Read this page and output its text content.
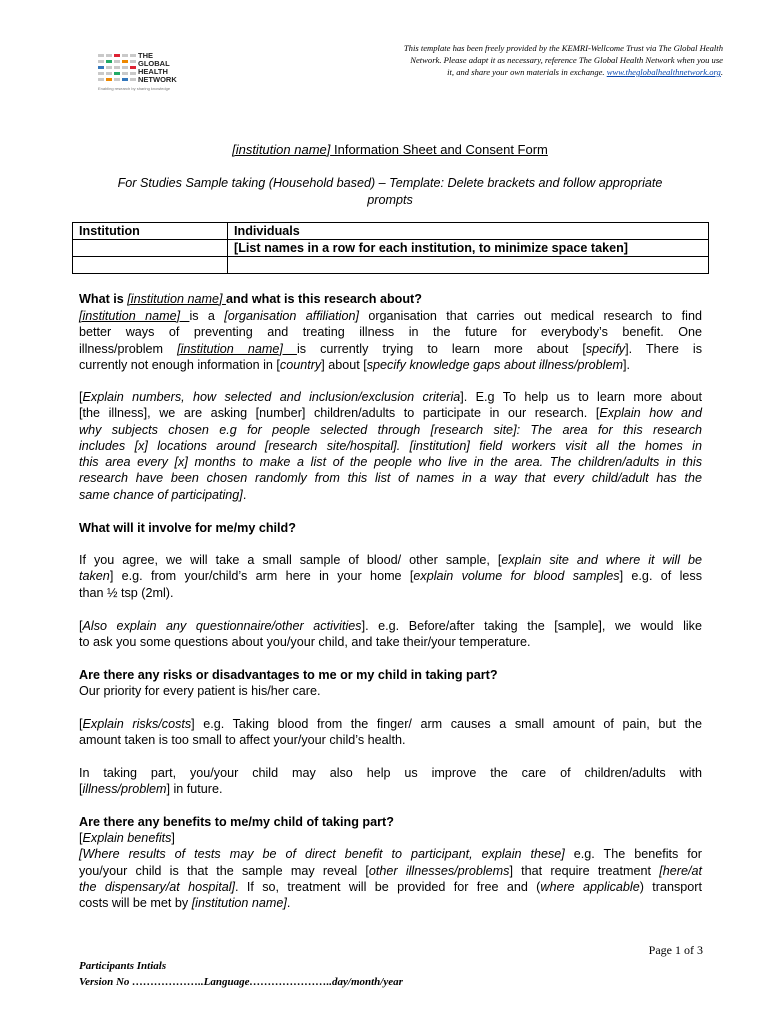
THE
GLOBAL
HEALTH
NETWORK
Enabling research by sharing knowledge
This template has been freely provided by the KEMRI-Wellcome Trust via The Global Health
Network. Please adapt it as necessary, reference The Global Health Network when you use
it, and share your own materials in exchange. www.theglobalhealthnetwork.org.
[institution name] Information Sheet and Consent Form
For Studies Sample taking (Household based) – Template: Delete brackets and follow appropriate
prompts
Institution	Individuals
	[List names in a row for each institution, to minimize space taken]

What is [institution name] and what is this research about?
[institution name] is a [organisation affiliation] organisation that carries out medical research to find
better ways of preventing and treating illness in the future for everybody’s benefit. One
illness/problem [institution name] is currently trying to learn more about [specify]. There is
currently not enough information in [country] about [specify knowledge gaps about illness/problem].
[Explain numbers, how selected and inclusion/exclusion criteria]. E.g To help us to learn more about
[the illness], we are asking [number] children/adults to participate in our research. [Explain how and
why subjects chosen e.g for people selected through [research site]: The area for this research
includes [x] locations around [research site/hospital]. [institution] field workers visit all the homes in
this area every [x] months to make a list of the people who live in the area. The children/adults in this
research have been chosen randomly from this list of names in a way that every child/adult has the
same chance of participating].
What will it involve for me/my child?
If you agree, we will take a small sample of blood/ other sample, [explain site and where it will be
taken] e.g. from your/child’s arm here in your home [explain volume for blood samples] e.g. of less
than ½ tsp (2ml).
[Also explain any questionnaire/other activities]. e.g. Before/after taking the [sample], we would like
to ask you some questions about you/your child, and take their/your temperature.
Are there any risks or disadvantages to me or my child in taking part?
Our priority for every patient is his/her care.
[Explain risks/costs] e.g. Taking blood from the finger/ arm causes a small amount of pain, but the
amount taken is too small to affect your/your child’s health.
In taking part, you/your child may also help us improve the care of children/adults with
[illness/problem] in future.
Are there any benefits to me/my child of taking part?
[Explain benefits]
[Where results of tests may be of direct benefit to participant, explain these] e.g. The benefits for
you/your child is that the sample may reveal [other illnesses/problems] that require treatment [here/at
the dispensary/at hospital]. If so, treatment will be provided for free and (where applicable) transport
costs will be met by [institution name].
Page 1 of 3
Participants Intials
Version No ………………..Language…………………..day/month/year
